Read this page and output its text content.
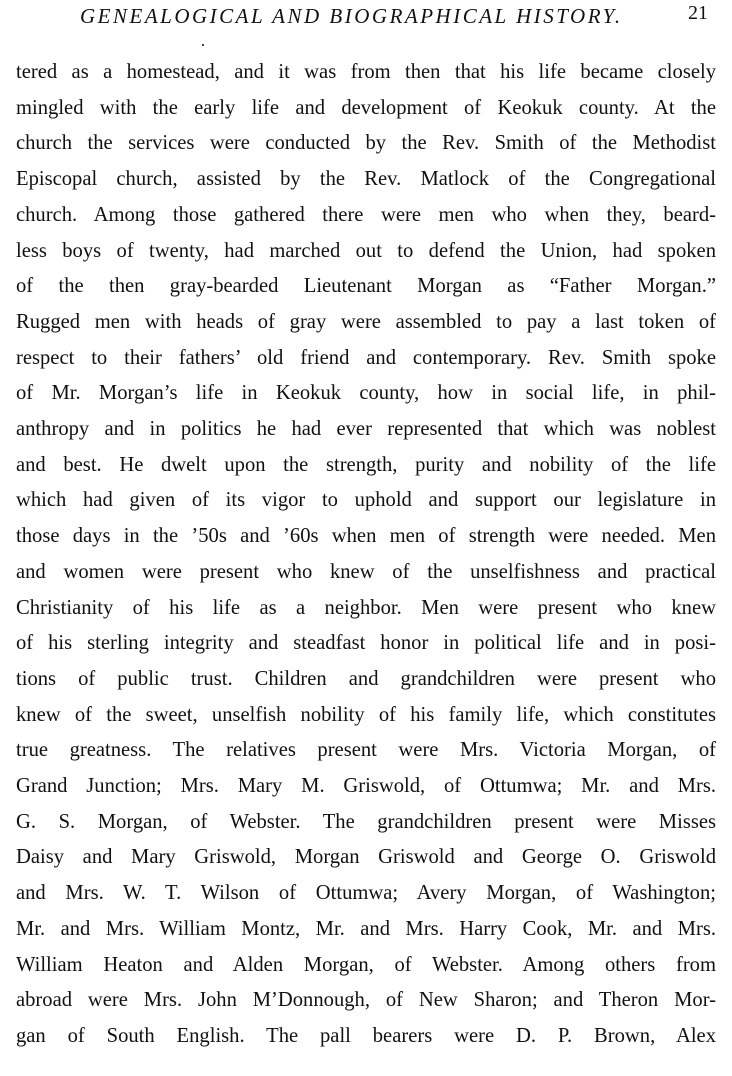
GENEALOGICAL AND BIOGRAPHICAL HISTORY.	21
tered as a homestead, and it was from then that his life became closely
mingled with the early life and development of Keokuk county. At the
church the services were conducted by the Rev. Smith of the Methodist
Episcopal church, assisted by the Rev. Matlock of the Congregational
church. Among those gathered there were men who when they, beard-
less boys of twenty, had marched out to defend the Union, had spoken
of the then gray-bearded Lieutenant Morgan as “Father Morgan.”
Rugged men with heads of gray were assembled to pay a last token of
respect to their fathers’ old friend and contemporary. Rev. Smith spoke
of Mr. Morgan’s life in Keokuk county, how in social life, in phil-
anthropy and in politics he had ever represented that which was noblest
and best. He dwelt upon the strength, purity and nobility of the life
which had given of its vigor to uphold and support our legislature in
those days in the ’50s and ’60s when men of strength were needed. Men
and women were present who knew of the unselfishness and practical
Christianity of his life as a neighbor. Men were present who knew
of his sterling integrity and steadfast honor in political life and in posi-
tions of public trust. Children and grandchildren were present who
knew of the sweet, unselfish nobility of his family life, which constitutes
true greatness. The relatives present were Mrs. Victoria Morgan, of
Grand Junction; Mrs. Mary M. Griswold, of Ottumwa; Mr. and Mrs.
G. S. Morgan, of Webster. The grandchildren present were Misses
Daisy and Mary Griswold, Morgan Griswold and George O. Griswold
and Mrs. W. T. Wilson of Ottumwa; Avery Morgan, of Washington;
Mr. and Mrs. William Montz, Mr. and Mrs. Harry Cook, Mr. and Mrs.
William Heaton and Alden Morgan, of Webster. Among others from
abroad were Mrs. John M’Donnough, of New Sharon; and Theron Mor-
gan of South English. The pall bearers were D. P. Brown, Alex
